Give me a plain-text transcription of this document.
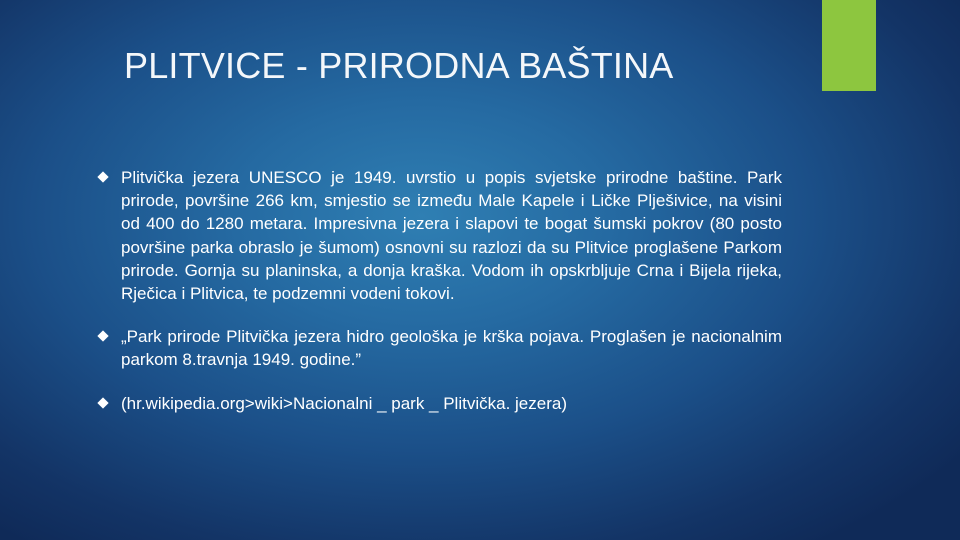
PLITVICE - PRIRODNA BAŠTINA
Plitvička jezera UNESCO je 1949. uvrstio u popis svjetske prirodne baštine. Park prirode, površine 266 km, smjestio se između Male Kapele i Ličke Plješivice, na visini od 400 do 1280 metara. Impresivna jezera i slapovi te bogat šumski pokrov (80 posto površine parka obraslo je šumom) osnovni su razlozi da su Plitvice proglašene Parkom prirode. Gornja su planinska, a donja kraška. Vodom ih opskrbljuje Crna i Bijela rijeka, Rječica i Plitvica, te podzemni vodeni tokovi.
„Park prirode Plitvička jezera hidro geološka je krška pojava. Proglašen je nacionalnim parkom 8.travnja 1949. godine.”
(hr.wikipedia.org>wiki>Nacionalni _ park _ Plitvička. jezera)
